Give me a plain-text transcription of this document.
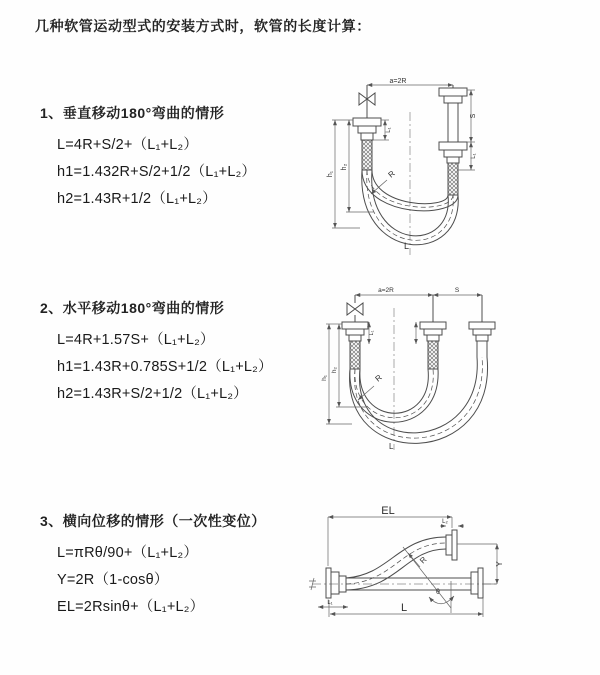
几种软管运动型式的安装方式时，软管的长度计算：
1、垂直移动180°弯曲的情形
L=4R+S/2+（L₁+L₂）
h1=1.432R+S/2+1/2（L₁+L₂）
h2=1.43R+1/2（L₁+L₂）
2、水平移动180°弯曲的情形
L=4R+1.57S+（L₁+L₂）
h1=1.43R+0.785S+1/2（L₁+L₂）
h2=1.43R+S/2+1/2（L₁+L₂）
3、横向位移的情形（一次性变位）
L=πRθ/90+（L₁+L₂）
Y=2R（1-cosθ）
EL=2Rsinθ+（L₁+L₂）
a=2R
h₁
h₂
L₁
S
L₁
R
L
a=2R	S
h₁
h₂
L₁
R
L
EL
L₂
Y
R
θ
L₁	L
